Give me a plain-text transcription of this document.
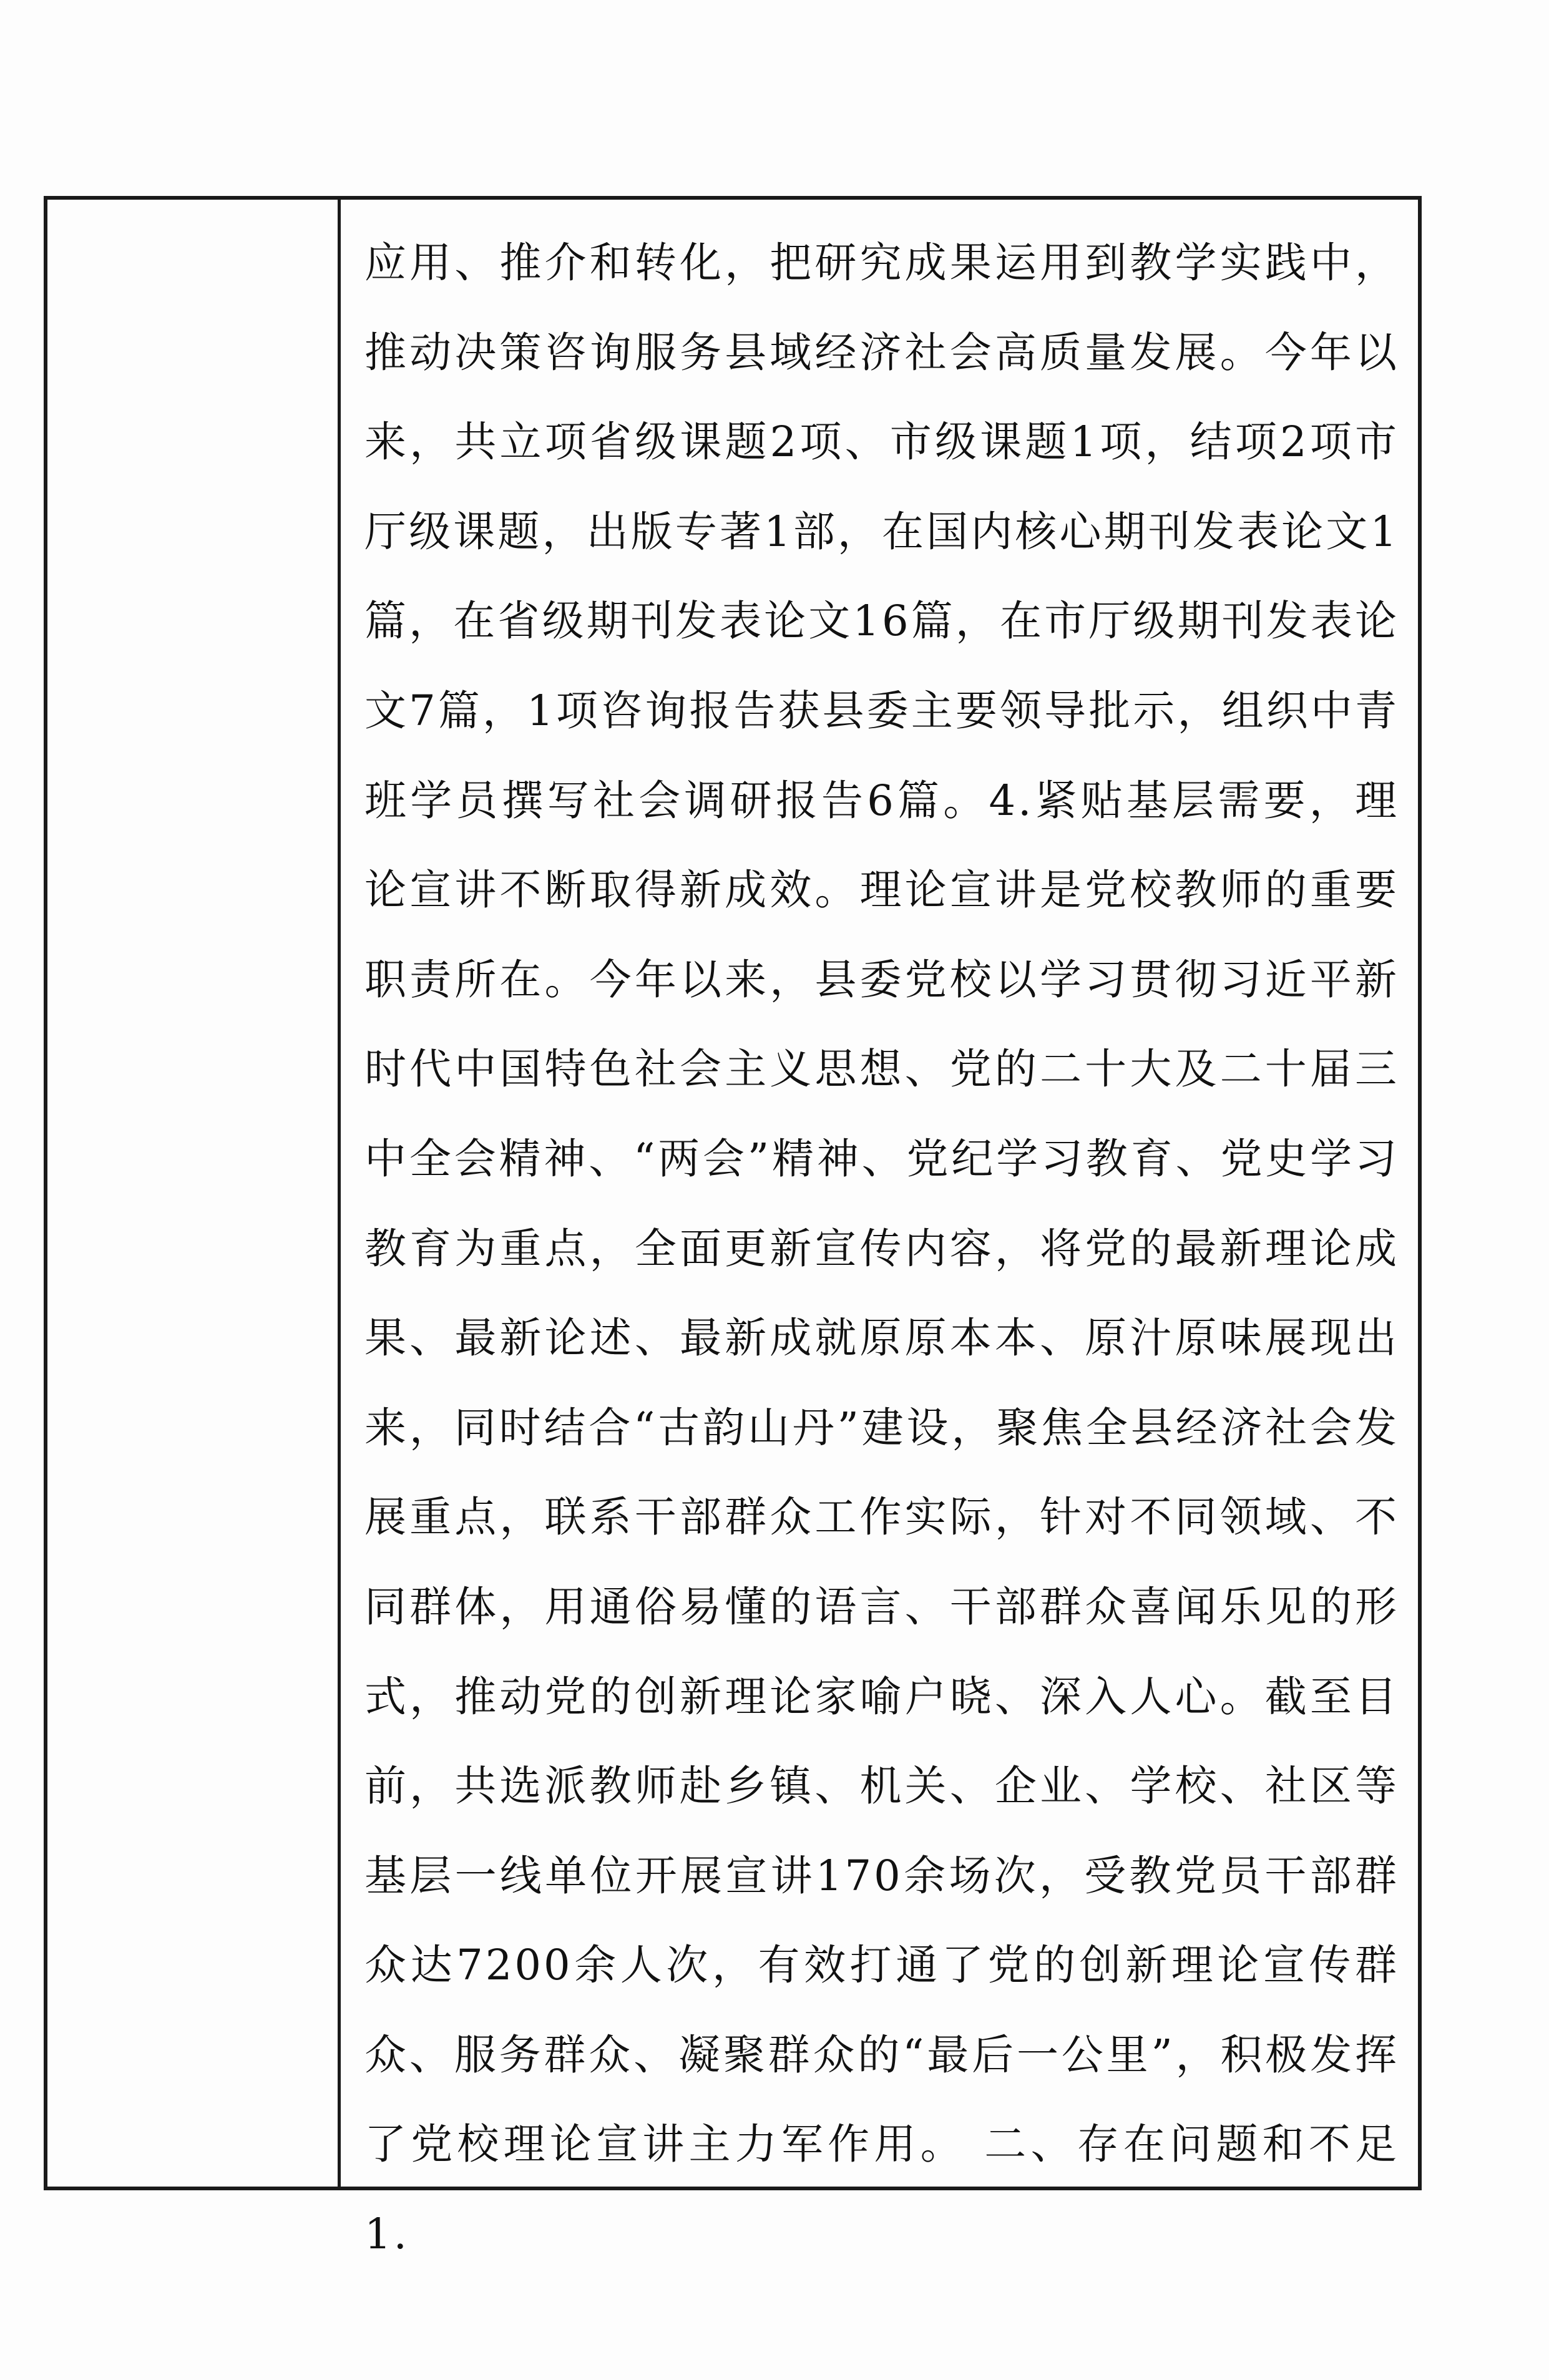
应用、推介和转化，把研究成果运用到教学实践中，推动决策咨询服务县域经济社会高质量发展。今年以来，共立项省级课题2项、市级课题1项，结项2项市厅级课题，出版专著1部，在国内核心期刊发表论文1篇，在省级期刊发表论文16篇，在市厅级期刊发表论文7篇，1项咨询报告获县委主要领导批示，组织中青班学员撰写社会调研报告6篇。4.紧贴基层需要，理论宣讲不断取得新成效。理论宣讲是党校教师的重要职责所在。今年以来，县委党校以学习贯彻习近平新时代中国特色社会主义思想、党的二十大及二十届三中全会精神、“两会”精神、党纪学习教育、党史学习教育为重点，全面更新宣传内容，将党的最新理论成果、最新论述、最新成就原原本本、原汁原味展现出来，同时结合“古韵山丹”建设，聚焦全县经济社会发展重点，联系干部群众工作实际，针对不同领域、不同群体，用通俗易懂的语言、干部群众喜闻乐见的形式，推动党的创新理论家喻户晓、深入人心。截至目前，共选派教师赴乡镇、机关、企业、学校、社区等基层一线单位开展宣讲170余场次，受教党员干部群众达7200余人次，有效打通了党的创新理论宣传群众、服务群众、凝聚群众的“最后一公里”，积极发挥了党校理论宣讲主力军作用。 二、存在问题和不足 1.
